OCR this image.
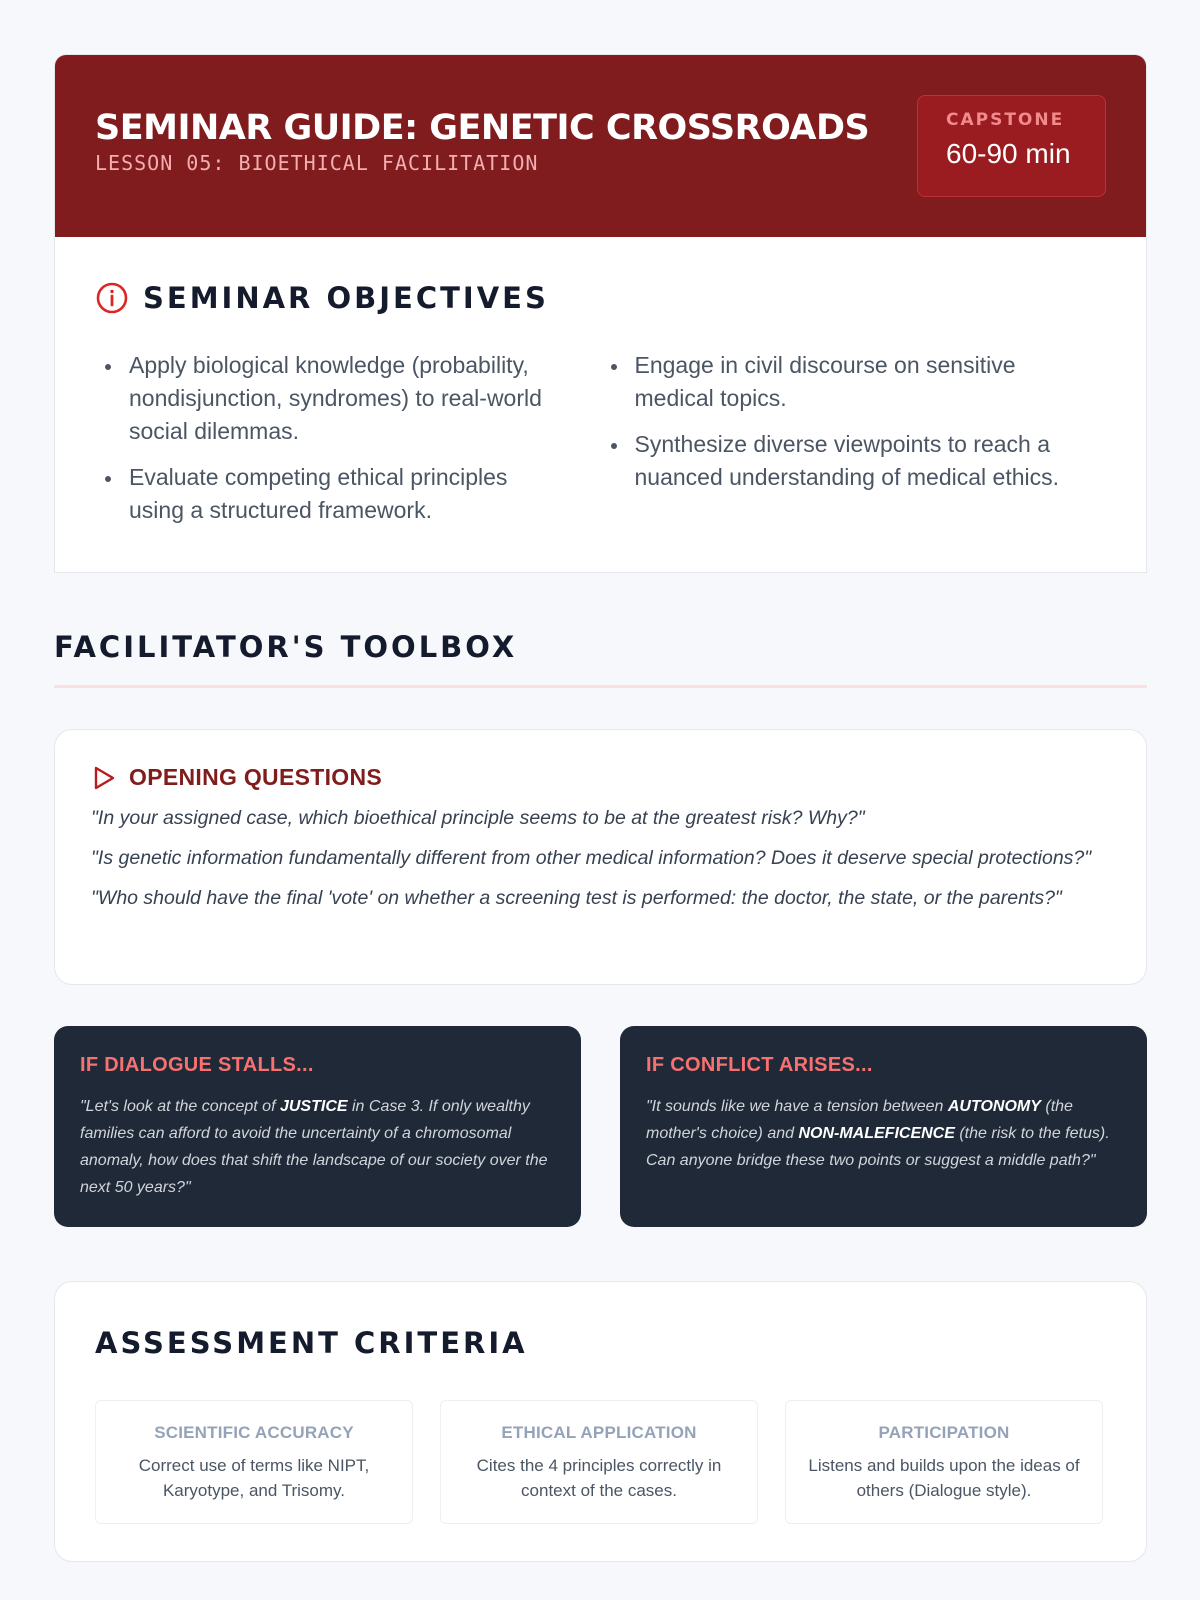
SEMINAR GUIDE: GENETIC CROSSROADS
LESSON 05: BIOETHICAL FACILITATION
CAPSTONE
60-90 min
SEMINAR OBJECTIVES
Apply biological knowledge (probability, nondisjunction, syndromes) to real-world social dilemmas.
Evaluate competing ethical principles using a structured framework.
Engage in civil discourse on sensitive medical topics.
Synthesize diverse viewpoints to reach a nuanced understanding of medical ethics.
FACILITATOR'S TOOLBOX
OPENING QUESTIONS
"In your assigned case, which bioethical principle seems to be at the greatest risk? Why?"
"Is genetic information fundamentally different from other medical information? Does it deserve special protections?"
"Who should have the final 'vote' on whether a screening test is performed: the doctor, the state, or the parents?"
IF DIALOGUE STALLS...
"Let's look at the concept of JUSTICE in Case 3. If only wealthy families can afford to avoid the uncertainty of a chromosomal anomaly, how does that shift the landscape of our society over the next 50 years?"
IF CONFLICT ARISES...
"It sounds like we have a tension between AUTONOMY (the mother's choice) and NON-MALEFICENCE (the risk to the fetus). Can anyone bridge these two points or suggest a middle path?"
ASSESSMENT CRITERIA
SCIENTIFIC ACCURACY
Correct use of terms like NIPT, Karyotype, and Trisomy.
ETHICAL APPLICATION
Cites the 4 principles correctly in context of the cases.
PARTICIPATION
Listens and builds upon the ideas of others (Dialogue style).
